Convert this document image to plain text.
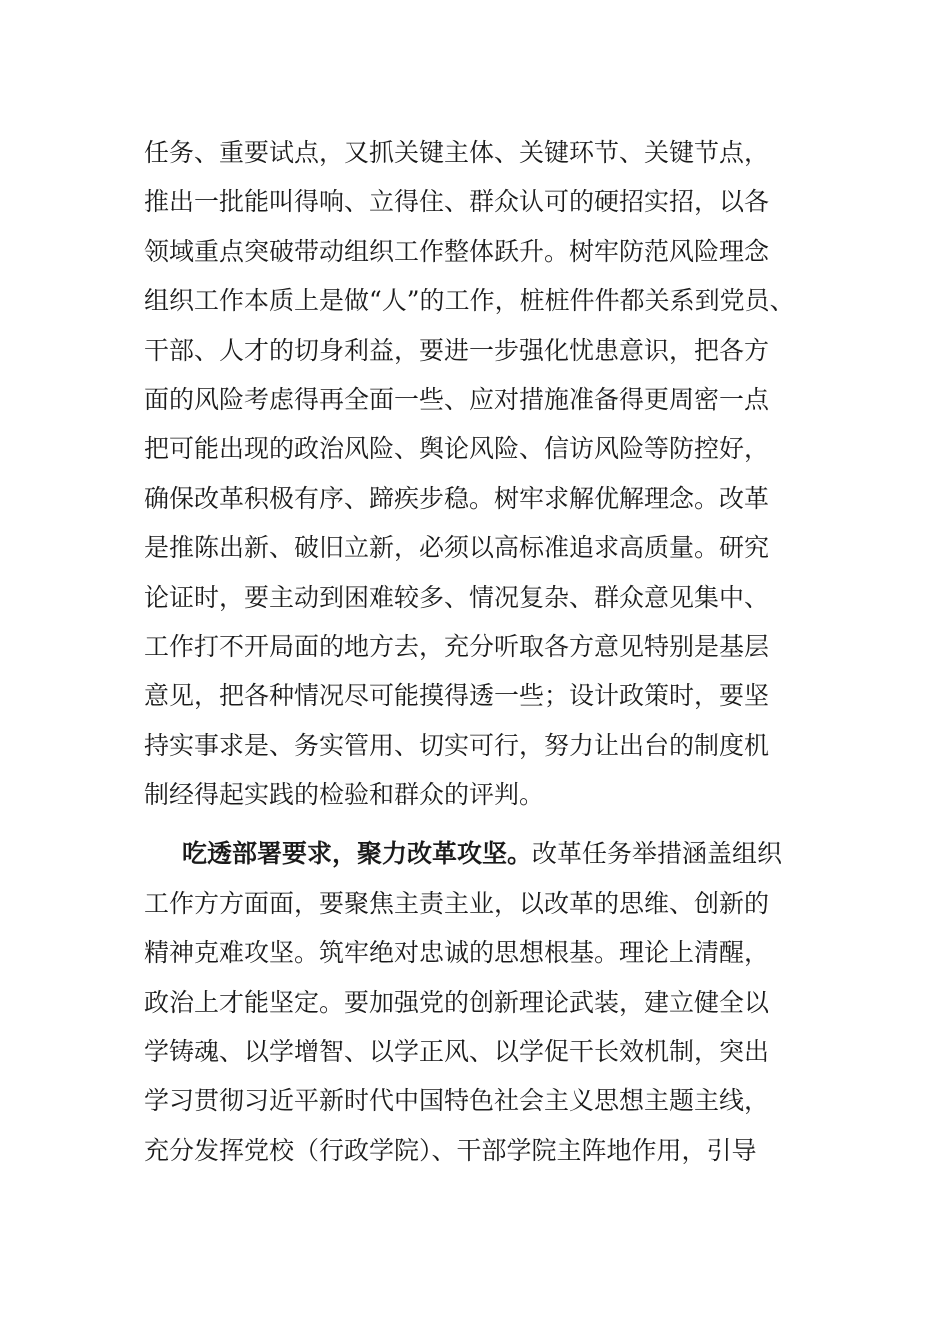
任务、重要试点，又抓关键主体、关键环节、关键节点，
推出一批能叫得响、立得住、群众认可的硬招实招，以各
领域重点突破带动组织工作整体跃升。树牢防范风险理念
组织工作本质上是做“人”的工作，桩桩件件都关系到党员、
干部、人才的切身利益，要进一步强化忧患意识，把各方
面的风险考虑得再全面一些、应对措施准备得更周密一点
把可能出现的政治风险、舆论风险、信访风险等防控好，
确保改革积极有序、蹄疾步稳。树牢求解优解理念。改革
是推陈出新、破旧立新，必须以高标准追求高质量。研究
论证时，要主动到困难较多、情况复杂、群众意见集中、
工作打不开局面的地方去，充分听取各方意见特别是基层
意见，把各种情况尽可能摸得透一些；设计政策时，要坚
持实事求是、务实管用、切实可行，努力让出台的制度机
制经得起实践的检验和群众的评判。
吃透部署要求，聚力改革攻坚。改革任务举措涵盖组织
工作方方面面，要聚焦主责主业，以改革的思维、创新的
精神克难攻坚。筑牢绝对忠诚的思想根基。理论上清醒，
政治上才能坚定。要加强党的创新理论武装，建立健全以
学铸魂、以学增智、以学正风、以学促干长效机制，突出
学习贯彻习近平新时代中国特色社会主义思想主题主线，
充分发挥党校（行政学院）、干部学院主阵地作用，引导
